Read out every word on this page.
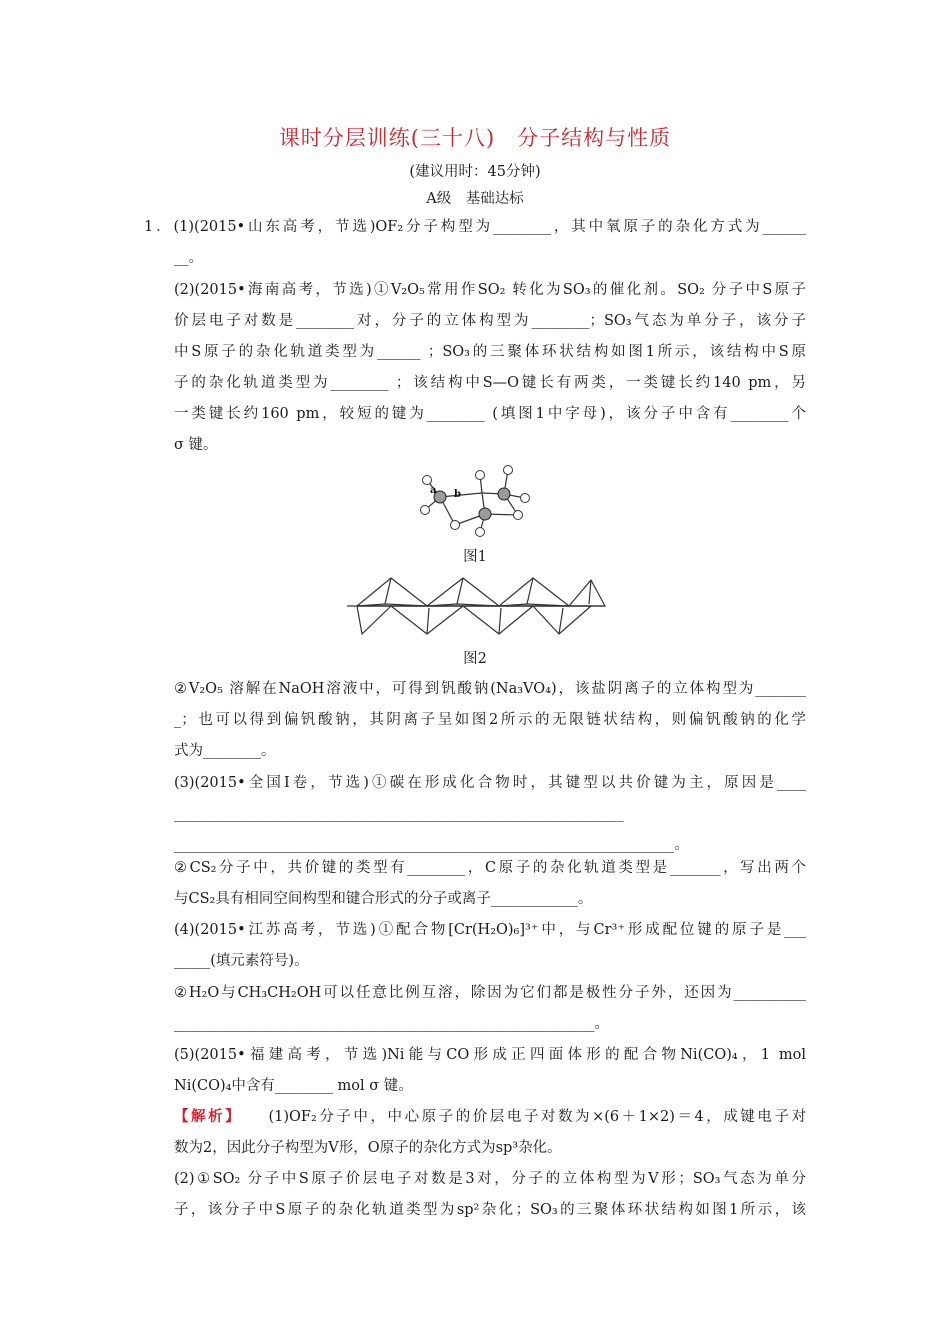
课时分层训练(三十八)　分子结构与性质
(建议用时：45分钟)
A级　基础达标
1．(1)(2015•山东高考，节选)OF₂分子构型为________，其中氧原子的杂化方式为______
__。
(2)(2015•海南高考，节选)①V₂O₅常用作SO₂ 转化为SO₃的催化剂。SO₂ 分子中S原子
价层电子对数是________对，分子的立体构型为________；SO₃气态为单分子，该分子
中S原子的杂化轨道类型为______ ；SO₃的三聚体环状结构如图1所示，该结构中S原
子的杂化轨道类型为________ ；该结构中S—O键长有两类，一类键长约140 pm，另
一类键长约160 pm，较短的键为________ (填图1中字母)，该分子中含有________个
σ 键。
a b
图1
图2
②V₂O₅ 溶解在NaOH溶液中，可得到钒酸钠(Na₃VO₄)，该盐阴离子的立体构型为_______
_；也可以得到偏钒酸钠，其阴离子呈如图2所示的无限链状结构，则偏钒酸钠的化学
式为________。
(3)(2015•全国Ⅰ卷，节选)①碳在形成化合物时，其键型以共价键为主，原因是____
______________________________________________________________
_____________________________________________________________________。
②CS₂分子中，共价键的类型有________，C原子的杂化轨道类型是_______，写出两个
与CS₂具有相同空间构型和键合形式的分子或离子____________。
(4)(2015•江苏高考，节选)①配合物[Cr(H₂O)₆]³⁺中，与Cr³⁺形成配位键的原子是___
_____(填元素符号)。
②H₂O与CH₃CH₂OH可以任意比例互溶，除因为它们都是极性分子外，还因为__________
__________________________________________________________。
(5)(2015•福建高考，节选)Ni能与CO形成正四面体形的配合物Ni(CO)₄，1 mol
Ni(CO)₄中含有________ mol σ 键。
【解析】 (1)OF₂分子中，中心原子的价层电子对数为×(6＋1×2)＝4，成键电子对
数为2，因此分子构型为V形，O原子的杂化方式为sp³杂化。
(2)①SO₂ 分子中S原子价层电子对数是3对，分子的立体构型为V形；SO₃气态为单分
子，该分子中S原子的杂化轨道类型为sp²杂化；SO₃的三聚体环状结构如图1所示，该
